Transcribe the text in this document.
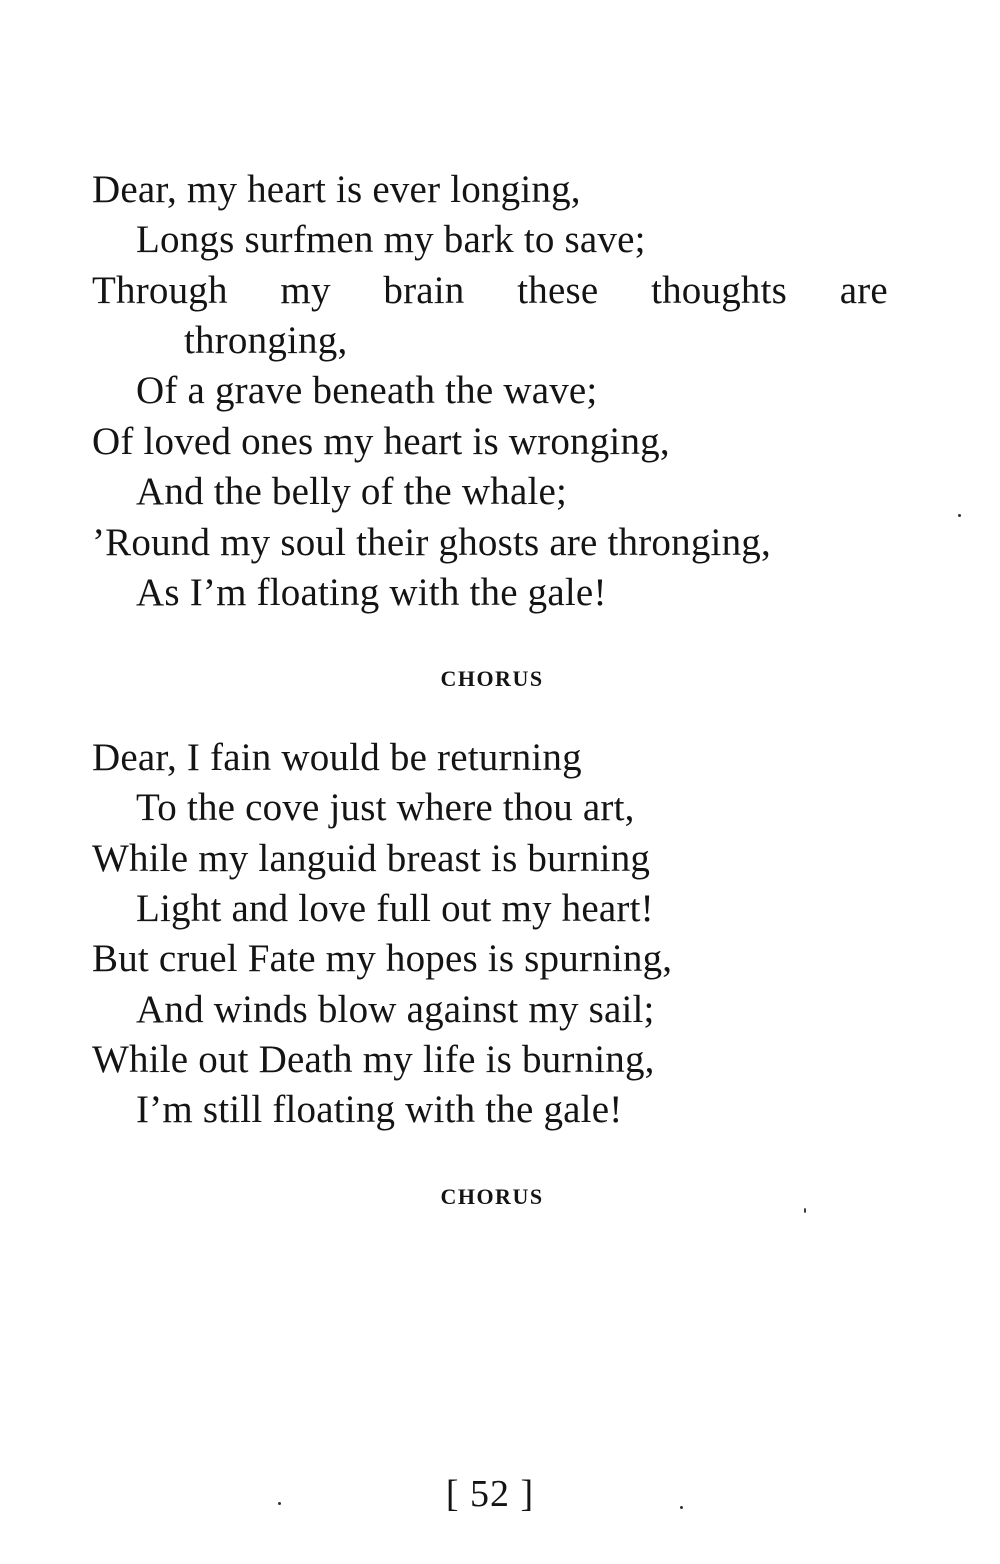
Dear, my heart is ever longing,
Longs surfmen my bark to save;
Through my brain these thoughts are
thronging,
Of a grave beneath the wave;
Of loved ones my heart is wronging,
And the belly of the whale;
’Round my soul their ghosts are thronging,
As I’m floating with the gale!
CHORUS
Dear, I fain would be returning
To the cove just where thou art,
While my languid breast is burning
Light and love full out my heart!
But cruel Fate my hopes is spurning,
And winds blow against my sail;
While out Death my life is burning,
I’m still floating with the gale!
CHORUS
[ 52 ]
